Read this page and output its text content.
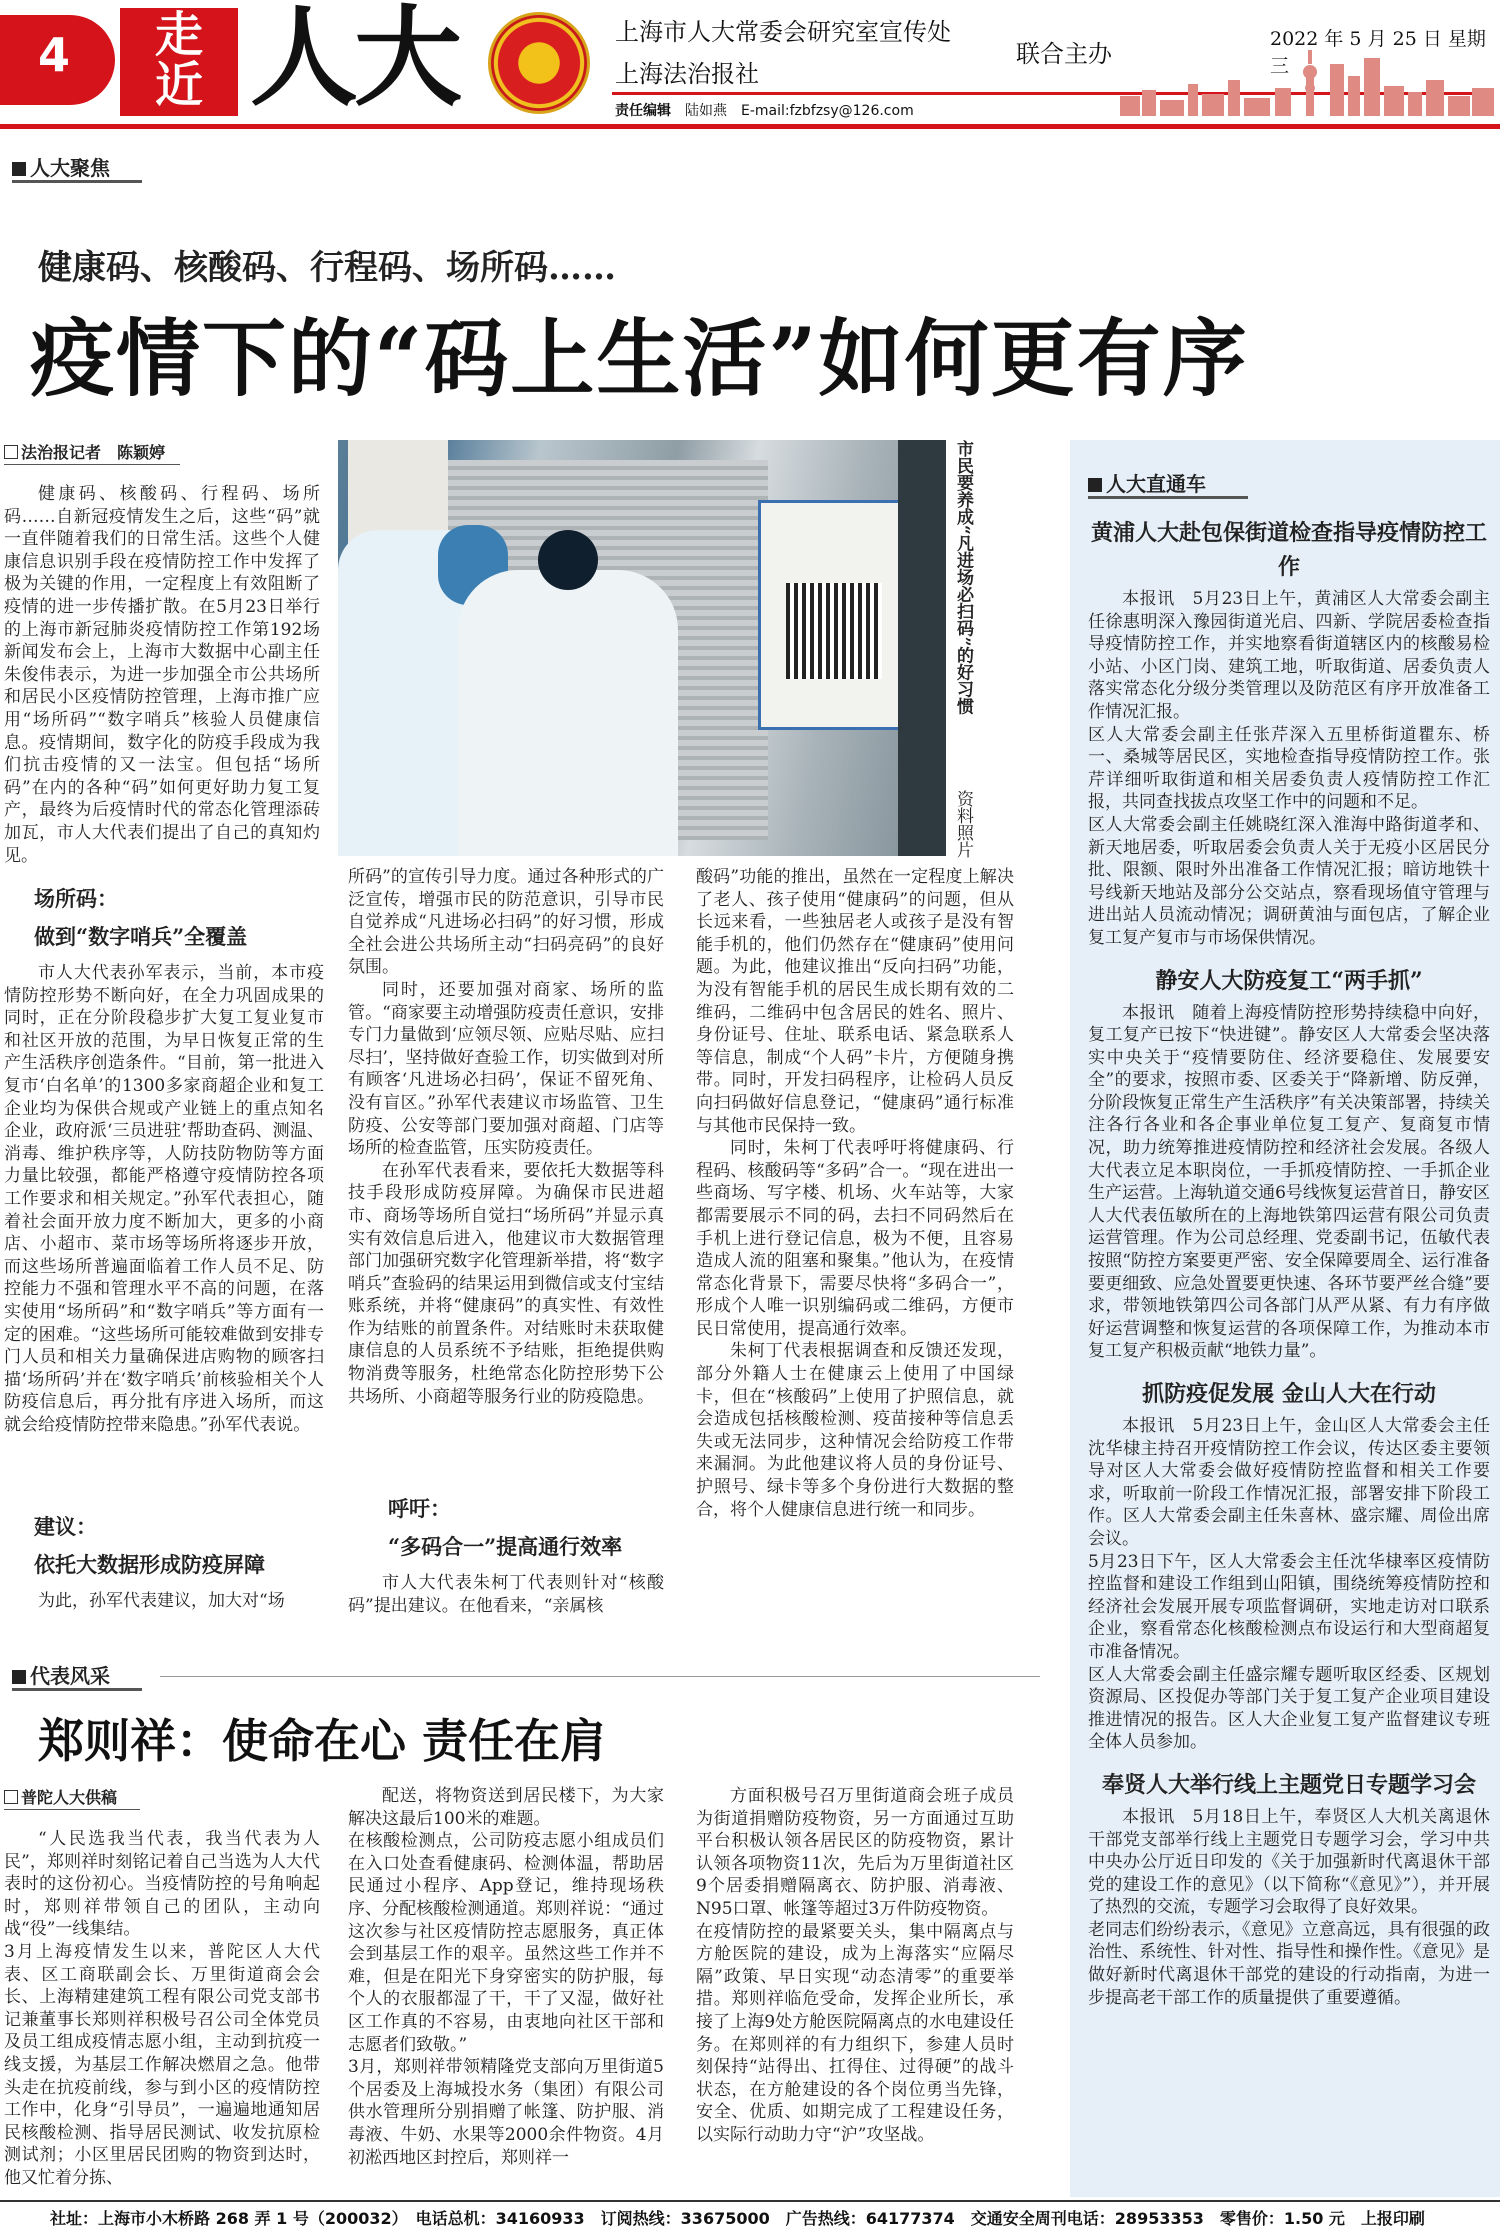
4 走近 人大	上海市人大常委会研究室宣传处
上海法治报社
联合主办
责任编辑　 陆如燕　 E-mail:fzbfzsy@126.com
2022 年 5 月 25 日 星期三
人大聚焦
健康码、核酸码、行程码、场所码……
疫情下的“码上生活”如何更有序
法治报记者　陈颖婷
健康码、核酸码、行程码、场所码……自新冠疫情发生之后，这些“码”就一直伴随着我们的日常生活。这些个人健康信息识别手段在疫情防控工作中发挥了极为关键的作用，一定程度上有效阻断了疫情的进一步传播扩散。在5月23日举行的上海市新冠肺炎疫情防控工作第192场新闻发布会上，上海市大数据中心副主任朱俊伟表示，为进一步加强全市公共场所和居民小区疫情防控管理，上海市推广应用“场所码”“数字哨兵”核验人员健康信息。疫情期间，数字化的防疫手段成为我们抗击疫情的又一法宝。但包括“场所码”在内的各种“码”如何更好助力复工复产，最终为后疫情时代的常态化管理添砖加瓦，市人大代表们提出了自己的真知灼见。
市民要养成“凡进场必扫码”的好习惯
资料照片
场所码：
做到“数字哨兵”全覆盖
市人大代表孙军表示，当前，本市疫情防控形势不断向好，在全力巩固成果的同时，正在分阶段稳步扩大复工复业复市和社区开放的范围，为早日恢复正常的生产生活秩序创造条件。“目前，第一批进入复市‘白名单’的1300多家商超企业和复工企业均为保供合规或产业链上的重点知名企业，政府派‘三员进驻’帮助查码、测温、消毒、维护秩序等，人防技防物防等方面力量比较强，都能严格遵守疫情防控各项工作要求和相关规定。”孙军代表担心，随着社会面开放力度不断加大，更多的小商店、小超市、菜市场等场所将逐步开放，而这些场所普遍面临着工作人员不足、防控能力不强和管理水平不高的问题，在落实使用“场所码”和“数字哨兵”等方面有一定的困难。“这些场所可能较难做到安排专门人员和相关力量确保进店购物的顾客扫描‘场所码’并在‘数字哨兵’前核验相关个人防疫信息后，再分批有序进入场所，而这就会给疫情防控带来隐患。”孙军代表说。
建议：
依托大数据形成防疫屏障
为此，孙军代表建议，加大对“场
所码”的宣传引导力度。通过各种形式的广泛宣传，增强市民的防范意识，引导市民自觉养成“凡进场必扫码”的好习惯，形成全社会进公共场所主动“扫码亮码”的良好氛围。
同时，还要加强对商家、场所的监管。“商家要主动增强防疫责任意识，安排专门力量做到‘应领尽领、应贴尽贴、应扫尽扫’，坚持做好查验工作，切实做到对所有顾客‘凡进场必扫码’，保证不留死角、没有盲区。”孙军代表建议市场监管、卫生防疫、公安等部门要加强对商超、门店等场所的检查监管，压实防疫责任。
在孙军代表看来，要依托大数据等科技手段形成防疫屏障。为确保市民进超市、商场等场所自觉扫“场所码”并显示真实有效信息后进入，他建议市大数据管理部门加强研究数字化管理新举措，将“数字哨兵”查验码的结果运用到微信或支付宝结账系统，并将“健康码”的真实性、有效性作为结账的前置条件。对结账时未获取健康信息的人员系统不予结账，拒绝提供购物消费等服务，杜绝常态化防控形势下公共场所、小商超等服务行业的防疫隐患。
呼吁：
“多码合一”提高通行效率
市人大代表朱柯丁代表则针对“核酸码”提出建议。在他看来，“亲属核
酸码”功能的推出，虽然在一定程度上解决了老人、孩子使用“健康码”的问题，但从长远来看，一些独居老人或孩子是没有智能手机的，他们仍然存在“健康码”使用问题。为此，他建议推出“反向扫码”功能，为没有智能手机的居民生成长期有效的二维码，二维码中包含居民的姓名、照片、身份证号、住址、联系电话、紧急联系人等信息，制成“个人码”卡片，方便随身携带。同时，开发扫码程序，让检码人员反向扫码做好信息登记，“健康码”通行标准与其他市民保持一致。
同时，朱柯丁代表呼吁将健康码、行程码、核酸码等“多码”合一。“现在进出一些商场、写字楼、机场、火车站等，大家都需要展示不同的码，去扫不同码然后在手机上进行登记信息，极为不便，且容易造成人流的阻塞和聚集。”他认为，在疫情常态化背景下，需要尽快将“多码合一”，形成个人唯一识别编码或二维码，方便市民日常使用，提高通行效率。
朱柯丁代表根据调查和反馈还发现，部分外籍人士在健康云上使用了中国绿卡，但在“核酸码”上使用了护照信息，就会造成包括核酸检测、疫苗接种等信息丢失或无法同步，这种情况会给防疫工作带来漏洞。为此他建议将人员的身份证号、护照号、绿卡等多个身份进行大数据的整合，将个人健康信息进行统一和同步。
代表风采
郑则祥：使命在心 责任在肩
普陀人大供稿
“人民选我当代表，我当代表为人民”，郑则祥时刻铭记着自己当选为人大代表时的这份初心。当疫情防控的号角响起时，郑则祥带领自己的团队，主动向战“役”一线集结。
3月上海疫情发生以来，普陀区人大代表、区工商联副会长、万里街道商会会长、上海精建建筑工程有限公司党支部书记兼董事长郑则祥积极号召公司全体党员及员工组成疫情志愿小组，主动到抗疫一线支援，为基层工作解决燃眉之急。他带头走在抗疫前线，参与到小区的疫情防控工作中，化身“引导员”，一遍遍地通知居民核酸检测、指导居民测试、收发抗原检测试剂；小区里居民团购的物资到达时，他又忙着分拣、
配送，将物资送到居民楼下，为大家解决这最后100米的难题。
在核酸检测点，公司防疫志愿小组成员们在入口处查看健康码、检测体温，帮助居民通过小程序、App登记，维持现场秩序、分配核酸检测通道。郑则祥说：“通过这次参与社区疫情防控志愿服务，真正体会到基层工作的艰辛。虽然这些工作并不难，但是在阳光下身穿密实的防护服，每个人的衣服都湿了干，干了又湿，做好社区工作真的不容易，由衷地向社区干部和志愿者们致敬。”
3月，郑则祥带领精隆党支部向万里街道5个居委及上海城投水务（集团）有限公司供水管理所分别捐赠了帐篷、防护服、消毒液、牛奶、水果等2000余件物资。4月初淞西地区封控后，郑则祥一
方面积极号召万里街道商会班子成员为街道捐赠防疫物资，另一方面通过互助平台积极认领各居民区的防疫物资，累计认领各项物资11次，先后为万里街道社区9个居委捐赠隔离衣、防护服、消毒液、N95口罩、帐篷等超过3万件防疫物资。
在疫情防控的最紧要关头，集中隔离点与方舱医院的建设，成为上海落实“应隔尽隔”政策、早日实现“动态清零”的重要举措。郑则祥临危受命，发挥企业所长，承接了上海9处方舱医院隔离点的水电建设任务。在郑则祥的有力组织下，参建人员时刻保持“站得出、扛得住、过得硬”的战斗状态，在方舱建设的各个岗位勇当先锋，安全、优质、如期完成了工程建设任务，以实际行动助力守“沪”攻坚战。
人大直通车
黄浦人大赴包保街道检查指导疫情防控工作
本报讯　5月23日上午，黄浦区人大常委会副主任徐惠明深入豫园街道光启、四新、学院居委检查指导疫情防控工作，并实地察看街道辖区内的核酸易检小站、小区门岗、建筑工地，听取街道、居委负责人落实常态化分级分类管理以及防范区有序开放准备工作情况汇报。
区人大常委会副主任张芹深入五里桥街道瞿东、桥一、桑城等居民区，实地检查指导疫情防控工作。张芹详细听取街道和相关居委负责人疫情防控工作汇报，共同查找拔点攻坚工作中的问题和不足。
区人大常委会副主任姚晓红深入淮海中路街道孝和、新天地居委，听取居委会负责人关于无疫小区居民分批、限额、限时外出准备工作情况汇报；暗访地铁十号线新天地站及部分公交站点，察看现场值守管理与进出站人员流动情况；调研黄油与面包店，了解企业复工复产复市与市场保供情况。
静安人大防疫复工“两手抓”
本报讯　随着上海疫情防控形势持续稳中向好，复工复产已按下“快进键”。静安区人大常委会坚决落实中央关于“疫情要防住、经济要稳住、发展要安全”的要求，按照市委、区委关于“降新增、防反弹，分阶段恢复正常生产生活秩序”有关决策部署，持续关注各行各业和各企事业单位复工复产、复商复市情况，助力统筹推进疫情防控和经济社会发展。各级人大代表立足本职岗位，一手抓疫情防控、一手抓企业生产运营。上海轨道交通6号线恢复运营首日，静安区人大代表伍敏所在的上海地铁第四运营有限公司负责运营管理。作为公司总经理、党委副书记，伍敏代表按照“防控方案要更严密、安全保障要周全、运行准备要更细致、应急处置要更快速、各环节要严丝合缝”要求，带领地铁第四公司各部门从严从紧、有力有序做好运营调整和恢复运营的各项保障工作，为推动本市复工复产积极贡献“地铁力量”。
抓防疫促发展 金山人大在行动
本报讯　5月23日上午，金山区人大常委会主任沈华棣主持召开疫情防控工作会议，传达区委主要领导对区人大常委会做好疫情防控监督和相关工作要求，听取前一阶段工作情况汇报，部署安排下阶段工作。区人大常委会副主任朱喜林、盛宗耀、周俭出席会议。
5月23日下午，区人大常委会主任沈华棣率区疫情防控监督和建设工作组到山阳镇，围绕统筹疫情防控和经济社会发展开展专项监督调研，实地走访对口联系企业，察看常态化核酸检测点布设运行和大型商超复市准备情况。
区人大常委会副主任盛宗耀专题听取区经委、区规划资源局、区投促办等部门关于复工复产企业项目建设推进情况的报告。区人大企业复工复产监督建议专班全体人员参加。
奉贤人大举行线上主题党日专题学习会
本报讯　5月18日上午，奉贤区人大机关离退休干部党支部举行线上主题党日专题学习会，学习中共中央办公厅近日印发的《关于加强新时代离退休干部党的建设工作的意见》（以下简称“《意见》”），并开展了热烈的交流，专题学习会取得了良好效果。
老同志们纷纷表示，《意见》立意高远，具有很强的政治性、系统性、针对性、指导性和操作性。《意见》是做好新时代离退休干部党的建设的行动指南，为进一步提高老干部工作的质量提供了重要遵循。
社址：上海市小木桥路 268 弄 1 号（200032）　电话总机：34160933　订阅热线：33675000　广告热线：64177374　交通安全周刊电话：28953353　零售价：1.50 元　上报印刷
